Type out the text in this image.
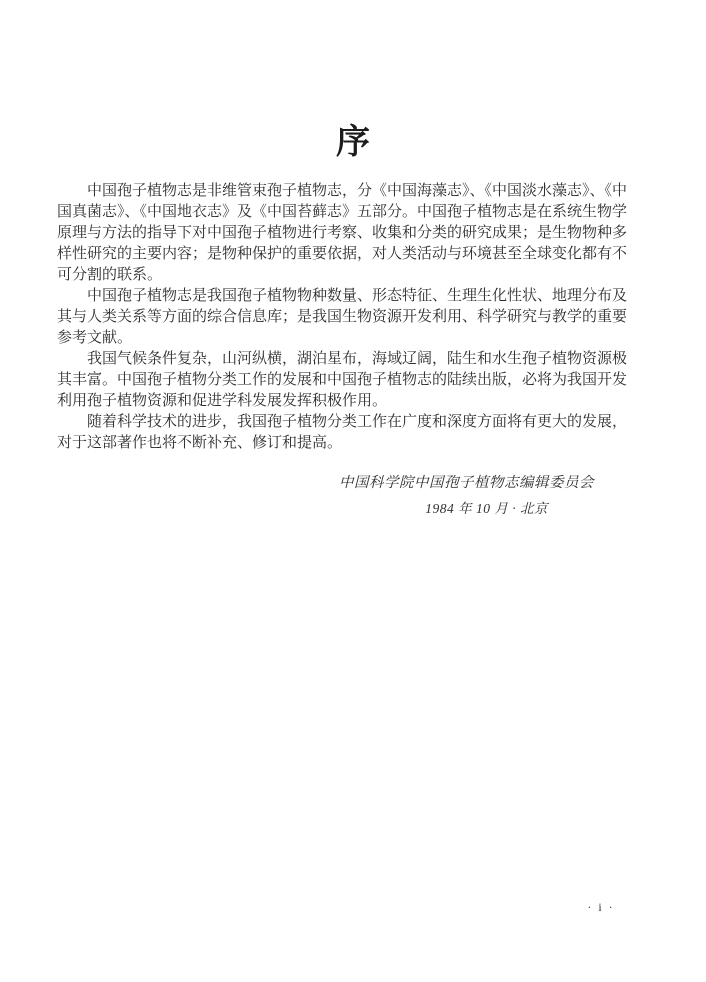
序

中国孢子植物志是非维管束孢子植物志，分《中国海藻志》、《中国淡水藻志》、《中国真菌志》、《中国地衣志》及《中国苔藓志》五部分。中国孢子植物志是在系统生物学原理与方法的指导下对中国孢子植物进行考察、收集和分类的研究成果；是生物物种多样性研究的主要内容；是物种保护的重要依据，对人类活动与环境甚至全球变化都有不可分割的联系。

中国孢子植物志是我国孢子植物物种数量、形态特征、生理生化性状、地理分布及其与人类关系等方面的综合信息库；是我国生物资源开发利用、科学研究与教学的重要参考文献。

我国气候条件复杂，山河纵横，湖泊星布，海域辽阔，陆生和水生孢子植物资源极其丰富。中国孢子植物分类工作的发展和中国孢子植物志的陆续出版，必将为我国开发利用孢子植物资源和促进学科发展发挥积极作用。

随着科学技术的进步，我国孢子植物分类工作在广度和深度方面将有更大的发展，对于这部著作也将不断补充、修订和提高。

中国科学院中国孢子植物志编辑委员会
1984 年 10 月 · 北京
· i ·
